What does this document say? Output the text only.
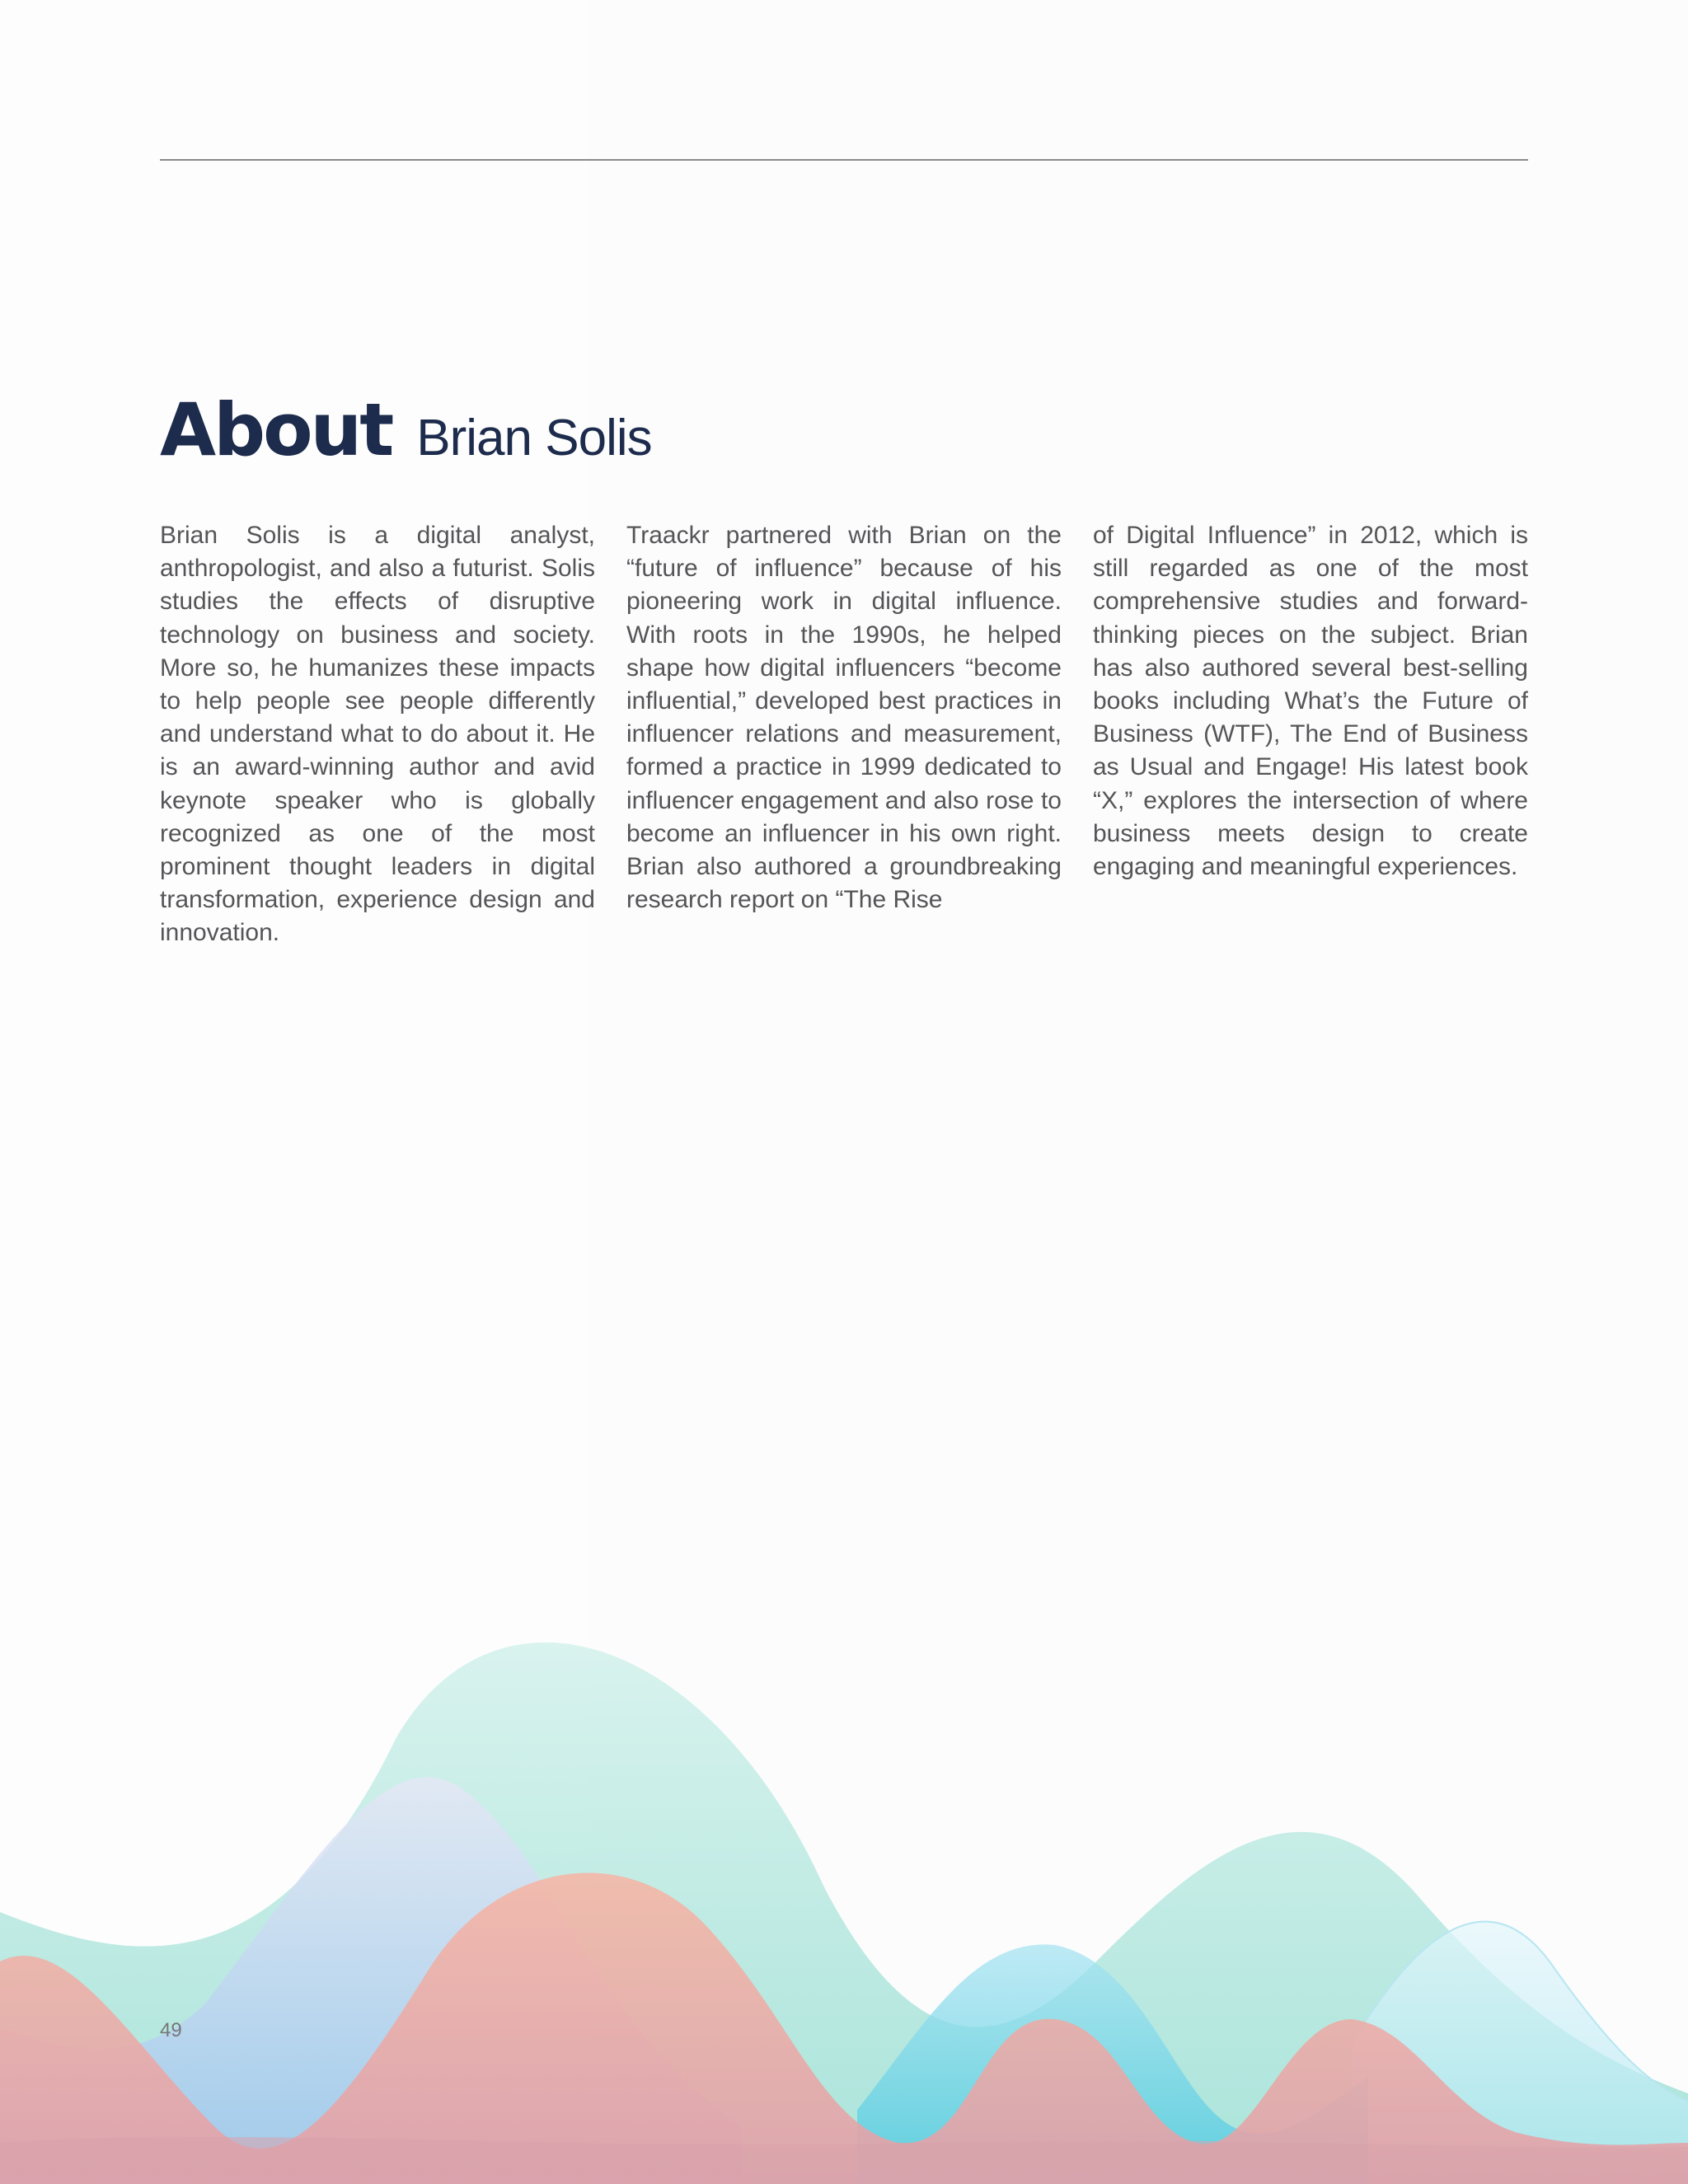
About Brian Solis

Brian Solis is a digital analyst, anthropologist, and also a futurist. Solis studies the effects of disruptive technology on business and society. More so, he humanizes these impacts to help people see people differently and understand what to do about it. He is an award-winning author and avid keynote speaker who is globally recognized as one of the most prominent thought leaders in digital transformation, experience design and innovation.

Traackr partnered with Brian on the “future of influence” because of his pioneering work in digital influence. With roots in the 1990s, he helped shape how digital influencers “become influential,” developed best practices in influencer relations and measurement, formed a practice in 1999 dedicated to influencer engagement and also rose to become an influencer in his own right. Brian also authored a groundbreaking research report on “The Rise

of Digital Influence” in 2012, which is still regarded as one of the most comprehensive studies and forward-thinking pieces on the subject. Brian has also authored several best-selling books including What’s the Future of Business (WTF), The End of Business as Usual and Engage! His latest book “X,” explores the intersection of where business meets design to create engaging and meaningful experiences.

49
